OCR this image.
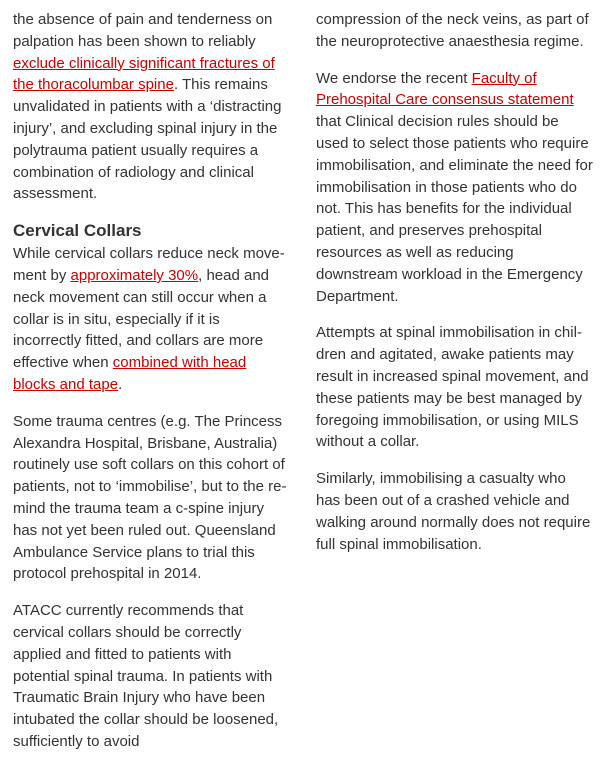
the absence of pain and tenderness on palpation has been shown to reliably exclude clinically significant fractures of the thoracolumbar spine. This remains unvalidated in patients with a ‘distracting injury’, and excluding spinal injury in the polytrauma patient usually requires a combination of radiology and clinical assessment.

Cervical Collars

While cervical collars reduce neck movement by approximately 30%, head and neck movement can still occur when a collar is in situ, especially if it is incorrectly fitted, and collars are more effective when combined with head blocks and tape.

Some trauma centres (e.g. The Princess Alexandra Hospital, Brisbane, Australia) routinely use soft collars on this cohort of patients, not to ‘immobilise’, but to the remind the trauma team a c-spine injury has not yet been ruled out. Queensland Ambulance Service plans to trial this protocol prehospital in 2014.

ATACC currently recommends that cervical collars should be correctly applied and fitted to patients with potential spinal trauma. In patients with Traumatic Brain Injury who have been intubated the collar should be loosened, sufficiently to avoid

compression of the neck veins, as part of the neuroprotective anaesthesia regime.

We endorse the recent Faculty of Prehospital Care consensus statement that Clinical decision rules should be used to select those patients who require immobilisation, and eliminate the need for immobilisation in those patients who do not. This has benefits for the individual patient, and preserves prehospital resources as well as reducing downstream workload in the Emergency Department.

Attempts at spinal immobilisation in children and agitated, awake patients may result in increased spinal movement, and these patients may be best managed by foregoing immobilisation, or using MILS without a collar.

Similarly, immobilising a casualty who has been out of a crashed vehicle and walking around normally does not require full spinal immobilisation.
